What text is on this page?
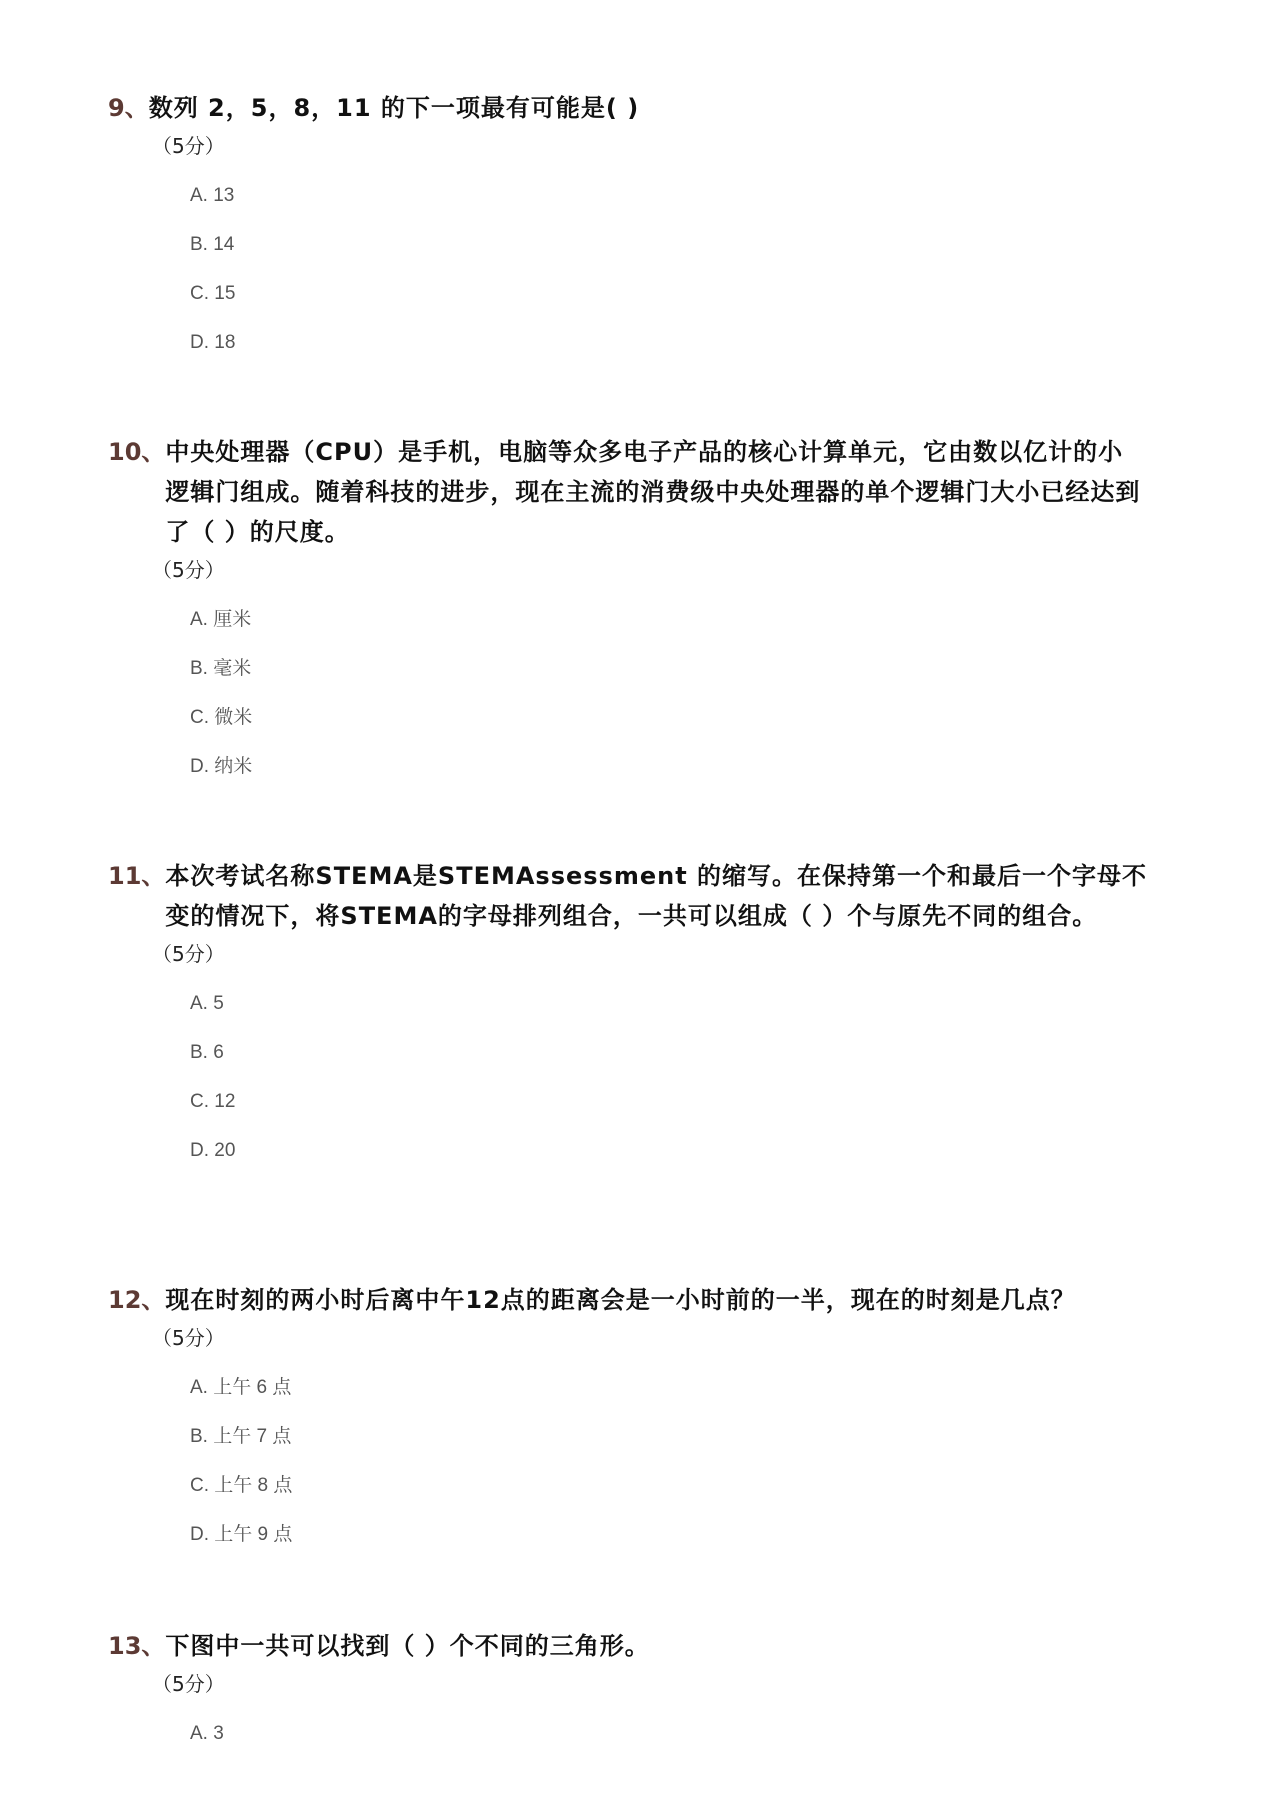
9、 数列 2，5，8，11 的下一项最有可能是( )
（5分）
A. 13
B. 14
C. 15
D. 18
10、 中央处理器（CPU）是手机，电脑等众多电子产品的核心计算单元，它由数以亿计的小逻辑门组成。随着科技的进步，现在主流的消费级中央处理器的单个逻辑门大小已经达到了（ ）的尺度。
（5分）
A. 厘米
B. 毫米
C. 微米
D. 纳米
11、 本次考试名称STEMA是STEMAssessment 的缩写。在保持第一个和最后一个字母不变的情况下，将STEMA的字母排列组合，一共可以组成（ ）个与原先不同的组合。
（5分）
A. 5
B. 6
C. 12
D. 20
12、 现在时刻的两小时后离中午12点的距离会是一小时前的一半，现在的时刻是几点？
（5分）
A. 上午 6 点
B. 上午 7 点
C. 上午 8 点
D. 上午 9 点
13、 下图中一共可以找到（ ）个不同的三角形。
（5分）
A. 3
